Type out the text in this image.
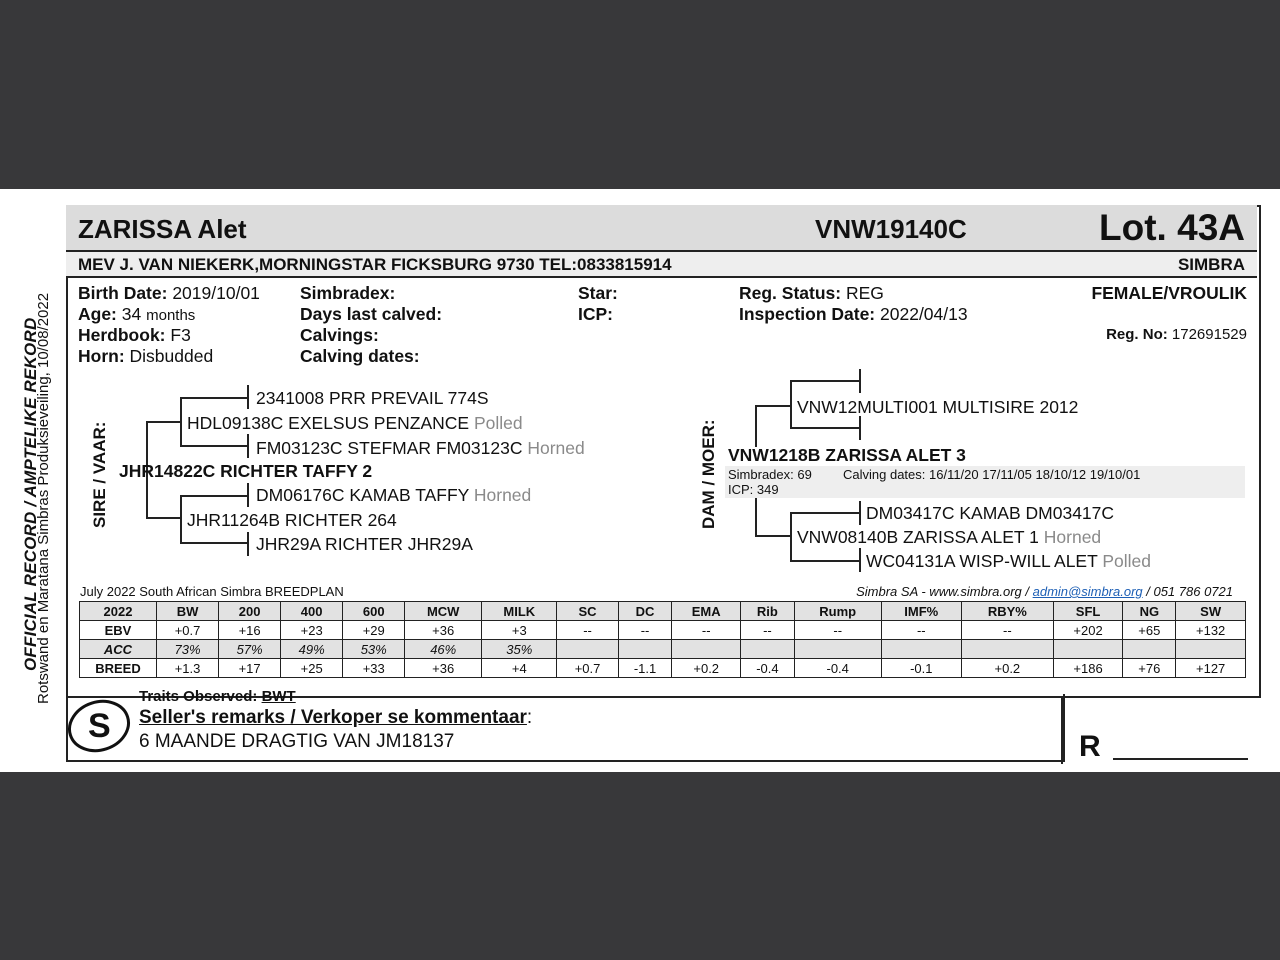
OFFICIAL RECORD / AMPTELIKE REKORD
Rotswand en Maratana Simbras Produksieveiling, 10/08/2022
ZARISSA Alet	VNW19140C	Lot. 43A
MEV J. VAN NIEKERK,MORNINGSTAR FICKSBURG 9730 TEL:0833815914	SIMBRA
Birth Date: 2019/10/01
Age: 34 months
Herdbook: F3
Horn: Disbudded
Simbradex:
Days last calved:
Calvings:
Calving dates:
Star:
ICP:
Reg. Status: REG
Inspection Date: 2022/04/13
FEMALE/VROULIK
Reg. No: 172691529
SIRE / VAAR:
2341008 PRR PREVAIL 774S
HDL09138C EXELSUS PENZANCE Polled
FM03123C STEFMAR FM03123C Horned
JHR14822C RICHTER TAFFY 2
DM06176C KAMAB TAFFY Horned
JHR11264B RICHTER 264
JHR29A RICHTER JHR29A
DAM / MOER:
VNW12MULTI001 MULTISIRE 2012
VNW1218B ZARISSA ALET 3
Simbradex: 69 Calving dates: 16/11/20 17/11/05 18/10/12 19/10/01
ICP: 349
DM03417C KAMAB DM03417C
VNW08140B ZARISSA ALET 1 Horned
WC04131A WISP-WILL ALET Polled
July 2022 South African Simbra BREEDPLAN	Simbra SA - www.simbra.org / admin@simbra.org / 051 786 0721
2022	BW	200	400	600	MCW	MILK	SC	DC	EMA	Rib	Rump	IMF%	RBY%	SFL	NG	SW
EBV	+0.7	+16	+23	+29	+36	+3	--	--	--	--	--	--	--	+202	+65	+132
ACC	73%	57%	49%	53%	46%	35%										
BREED	+1.3	+17	+25	+33	+36	+4	+0.7	-1.1	+0.2	-0.4	-0.4	-0.1	+0.2	+186	+76	+127
R
S
Traits Observed: BWT
Seller's remarks / Verkoper se kommentaar:
6 MAANDE DRAGTIG VAN JM18137
